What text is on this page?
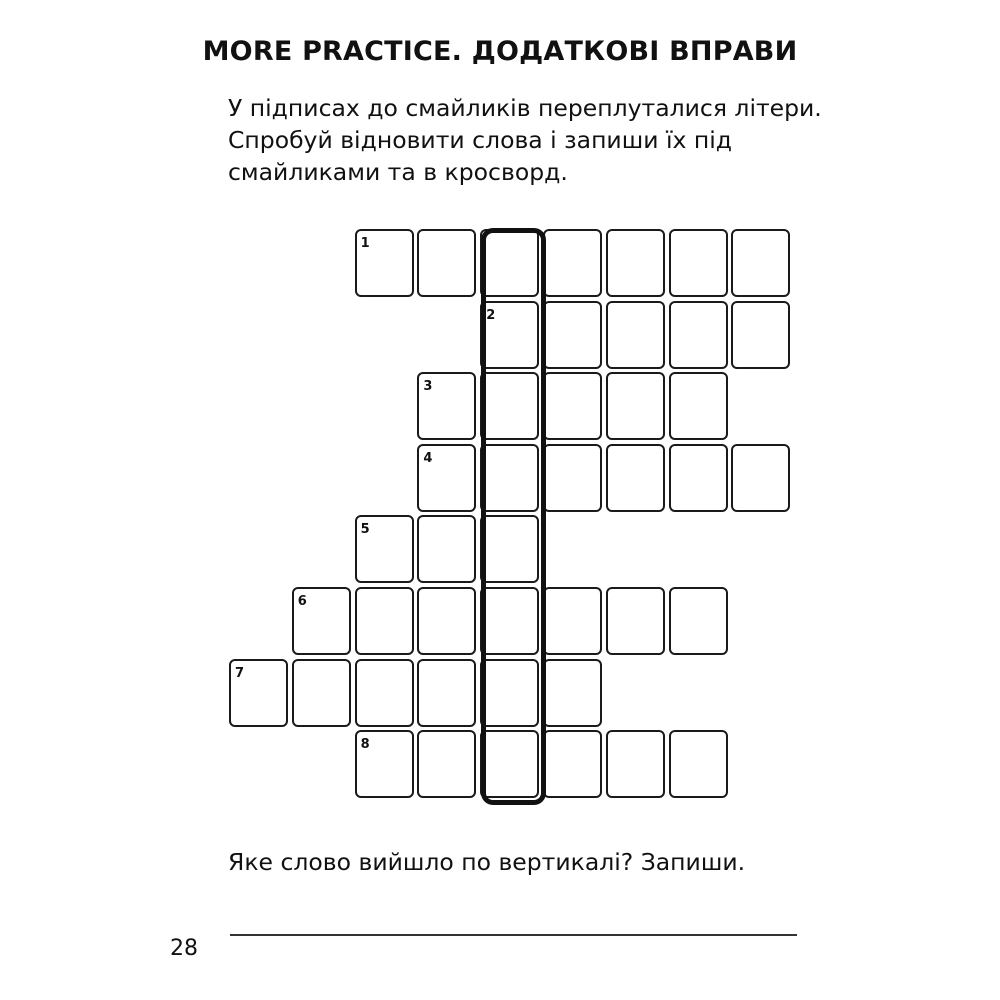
MORE PRACTICE. ДОДАТКОВІ ВПРАВИ

У підписах до смайликів переплуталися літери.
Спробуй відновити слова і запиши їх під
смайликами та в кросворд.

1
2
3
4
5
6
7
8

Яке слово вийшло по вертикалі? Запиши.

28
